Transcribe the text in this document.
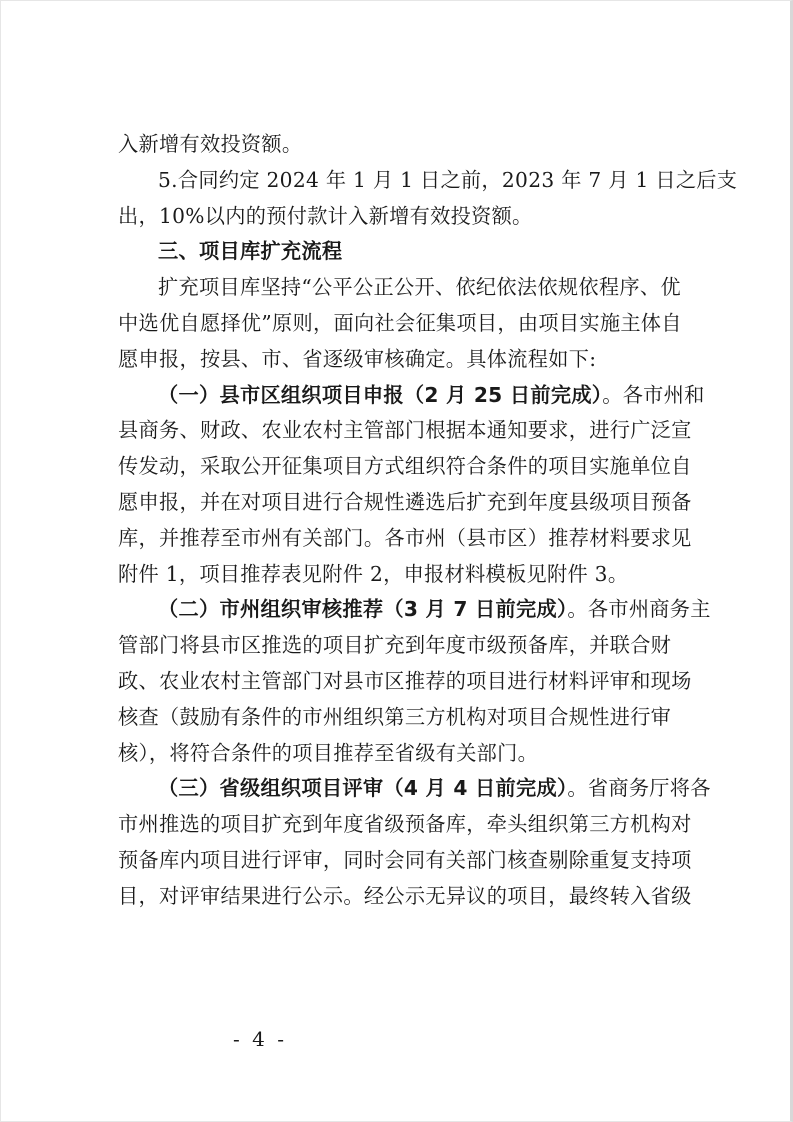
入新增有效投资额。
5.合同约定 2024 年 1 月 1 日之前，2023 年 7 月 1 日之后支
出，10%以内的预付款计入新增有效投资额。
三、项目库扩充流程
扩充项目库坚持“公平公正公开、依纪依法依规依程序、优
中选优自愿择优”原则，面向社会征集项目，由项目实施主体自
愿申报，按县、市、省逐级审核确定。具体流程如下:
（一）县市区组织项目申报（2 月 25 日前完成）。各市州和
县商务、财政、农业农村主管部门根据本通知要求，进行广泛宣
传发动，采取公开征集项目方式组织符合条件的项目实施单位自
愿申报，并在对项目进行合规性遴选后扩充到年度县级项目预备
库，并推荐至市州有关部门。各市州（县市区）推荐材料要求见
附件 1，项目推荐表见附件 2，申报材料模板见附件 3。
（二）市州组织审核推荐（3 月 7 日前完成）。各市州商务主
管部门将县市区推选的项目扩充到年度市级预备库，并联合财
政、农业农村主管部门对县市区推荐的项目进行材料评审和现场
核查（鼓励有条件的市州组织第三方机构对项目合规性进行审
核），将符合条件的项目推荐至省级有关部门。
（三）省级组织项目评审（4 月 4 日前完成）。省商务厅将各
市州推选的项目扩充到年度省级预备库，牵头组织第三方机构对
预备库内项目进行评审，同时会同有关部门核查剔除重复支持项
目，对评审结果进行公示。经公示无异议的项目，最终转入省级
- 4 -
